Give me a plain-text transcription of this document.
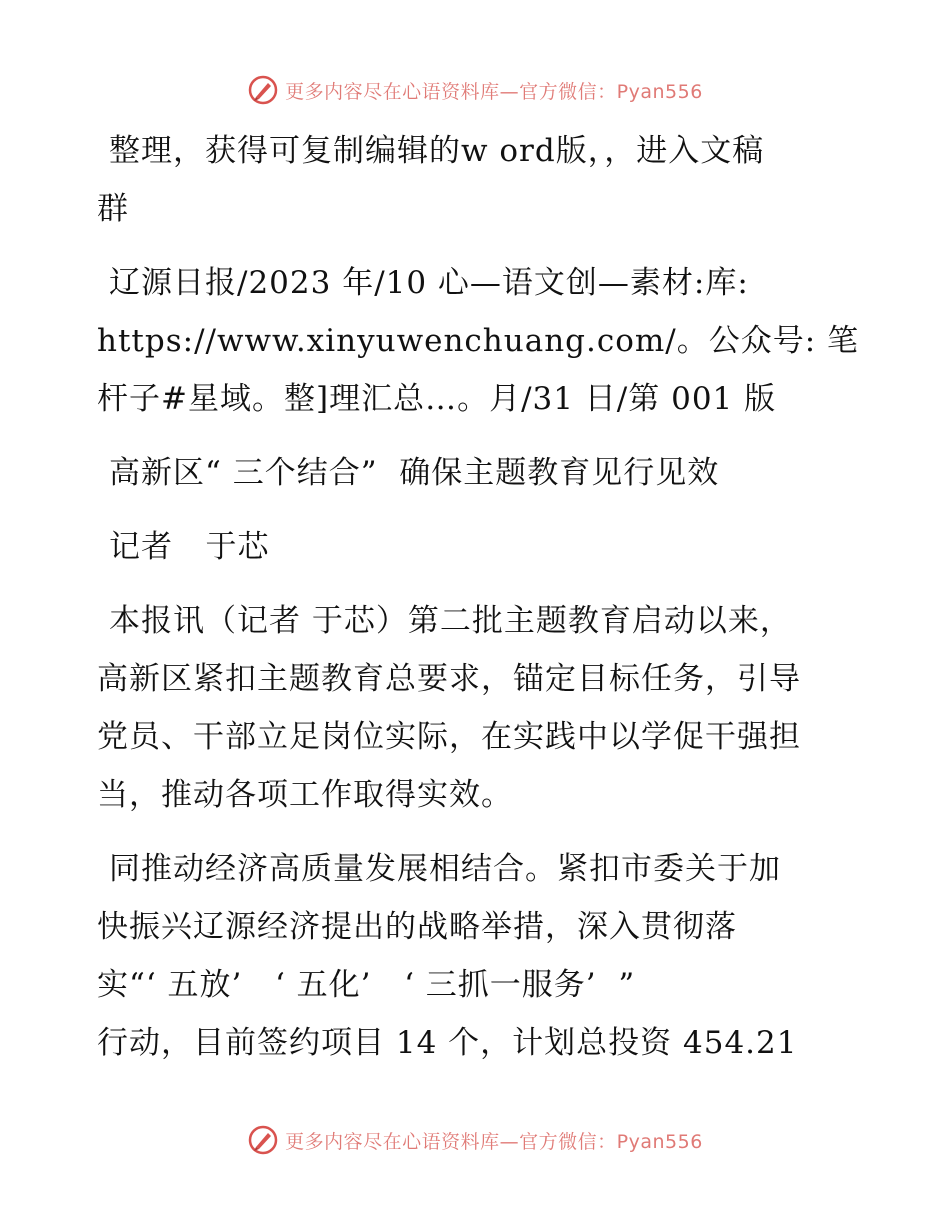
更多内容尽在心语资料库—官方微信：Pyan556
整理，获得可复制编辑的w ord版，，进入文稿
群
辽源日报/2023 年/10 心—语文创—素材:库:
https://www.xinyuwenchuang.com/。公众号: 笔
杆子#星域。整]理汇总…。月/31 日/第 001 版
高新区“ 三个结合”  确保主题教育见行见效
记者   于芯
本报讯（记者 于芯）第二批主题教育启动以来，
高新区紧扣主题教育总要求，锚定目标任务，引导
党员、干部立足岗位实际，在实践中以学促干强担
当，推动各项工作取得实效。
同推动经济高质量发展相结合。紧扣市委关于加
快振兴辽源经济提出的战略举措，深入贯彻落
实“‘ 五放’   ‘ 五化’   ‘ 三抓一服务’  ”
行动，目前签约项目 14 个，计划总投资 454.21
更多内容尽在心语资料库—官方微信：Pyan556
